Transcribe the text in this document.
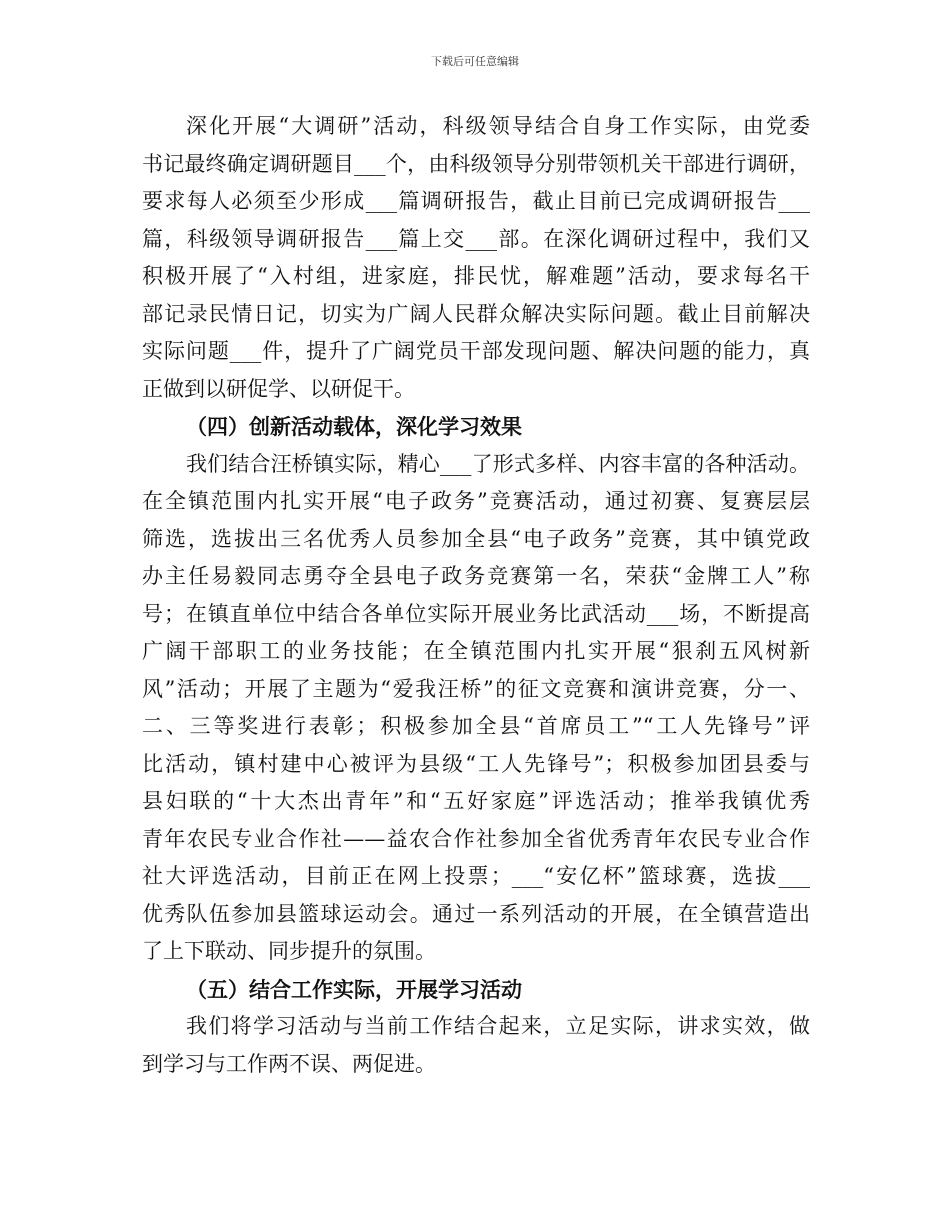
下载后可任意编辑
深化开展“大调研”活动，科级领导结合自身工作实际，由党委
书记最终确定调研题目___个，由科级领导分别带领机关干部进行调研，
要求每人必须至少形成___篇调研报告，截止目前已完成调研报告___
篇，科级领导调研报告___篇上交___部。在深化调研过程中，我们又
积极开展了“入村组，进家庭，排民忧，解难题”活动，要求每名干
部记录民情日记，切实为广阔人民群众解决实际问题。截止目前解决
实际问题___件，提升了广阔党员干部发现问题、解决问题的能力，真
正做到以研促学、以研促干。
（四）创新活动载体，深化学习效果
我们结合汪桥镇实际，精心___了形式多样、内容丰富的各种活动。
在全镇范围内扎实开展“电子政务”竞赛活动，通过初赛、复赛层层
筛选，选拔出三名优秀人员参加全县“电子政务”竞赛，其中镇党政
办主任易毅同志勇夺全县电子政务竞赛第一名，荣获“金牌工人”称
号；在镇直单位中结合各单位实际开展业务比武活动___场，不断提高
广阔干部职工的业务技能；在全镇范围内扎实开展“狠刹五风树新
风”活动；开展了主题为“爱我汪桥”的征文竞赛和演讲竞赛，分一、
二、三等奖进行表彰；积极参加全县“首席员工”“工人先锋号”评
比活动，镇村建中心被评为县级“工人先锋号”；积极参加团县委与
县妇联的“十大杰出青年”和“五好家庭”评选活动；推举我镇优秀
青年农民专业合作社——益农合作社参加全省优秀青年农民专业合作
社大评选活动，目前正在网上投票；___“安亿杯”篮球赛，选拔___
优秀队伍参加县篮球运动会。通过一系列活动的开展，在全镇营造出
了上下联动、同步提升的氛围。
（五）结合工作实际，开展学习活动
我们将学习活动与当前工作结合起来，立足实际，讲求实效，做
到学习与工作两不误、两促进。
